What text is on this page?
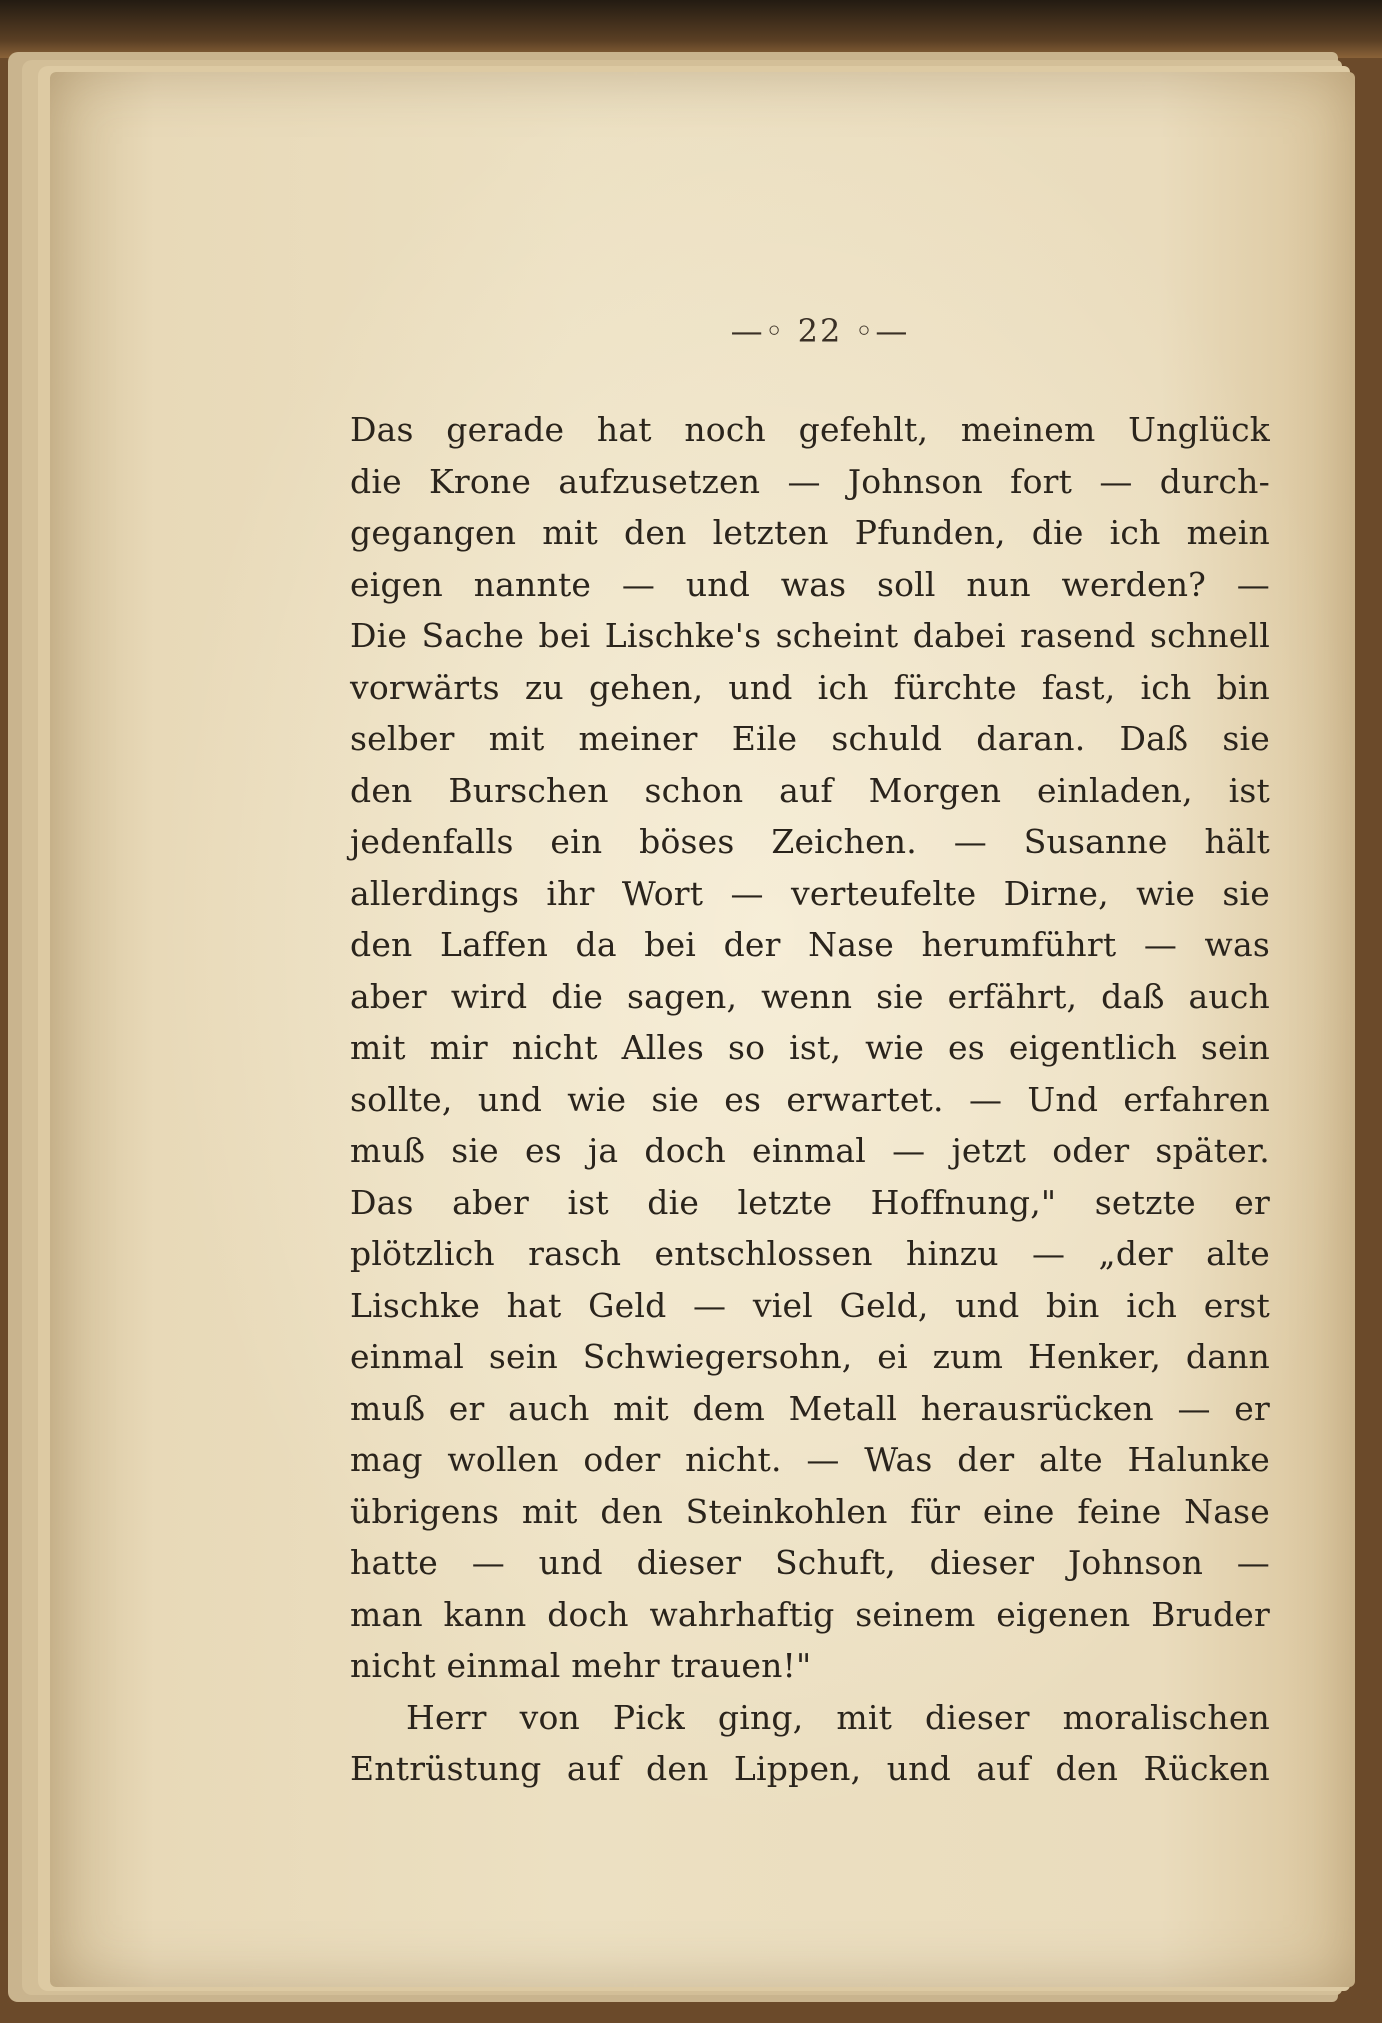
—◦ 22 ◦—
Das gerade hat noch gefehlt, meinem Unglück
die Krone aufzusetzen — Johnson fort — durch-
gegangen mit den letzten Pfunden, die ich mein
eigen nannte — und was soll nun werden? —
Die Sache bei Lischke's scheint dabei rasend schnell
vorwärts zu gehen, und ich fürchte fast, ich bin
selber mit meiner Eile schuld daran. Daß sie
den Burschen schon auf Morgen einladen, ist
jedenfalls ein böses Zeichen. — Susanne hält
allerdings ihr Wort — verteufelte Dirne, wie sie
den Laffen da bei der Nase herumführt — was
aber wird die sagen, wenn sie erfährt, daß auch
mit mir nicht Alles so ist, wie es eigentlich sein
sollte, und wie sie es erwartet. — Und erfahren
muß sie es ja doch einmal — jetzt oder später.
Das aber ist die letzte Hoffnung," setzte er
plötzlich rasch entschlossen hinzu — „der alte
Lischke hat Geld — viel Geld, und bin ich erst
einmal sein Schwiegersohn, ei zum Henker, dann
muß er auch mit dem Metall herausrücken — er
mag wollen oder nicht. — Was der alte Halunke
übrigens mit den Steinkohlen für eine feine Nase
hatte — und dieser Schuft, dieser Johnson —
man kann doch wahrhaftig seinem eigenen Bruder
nicht einmal mehr trauen!"
Herr von Pick ging, mit dieser moralischen
Entrüstung auf den Lippen, und auf den Rücken
